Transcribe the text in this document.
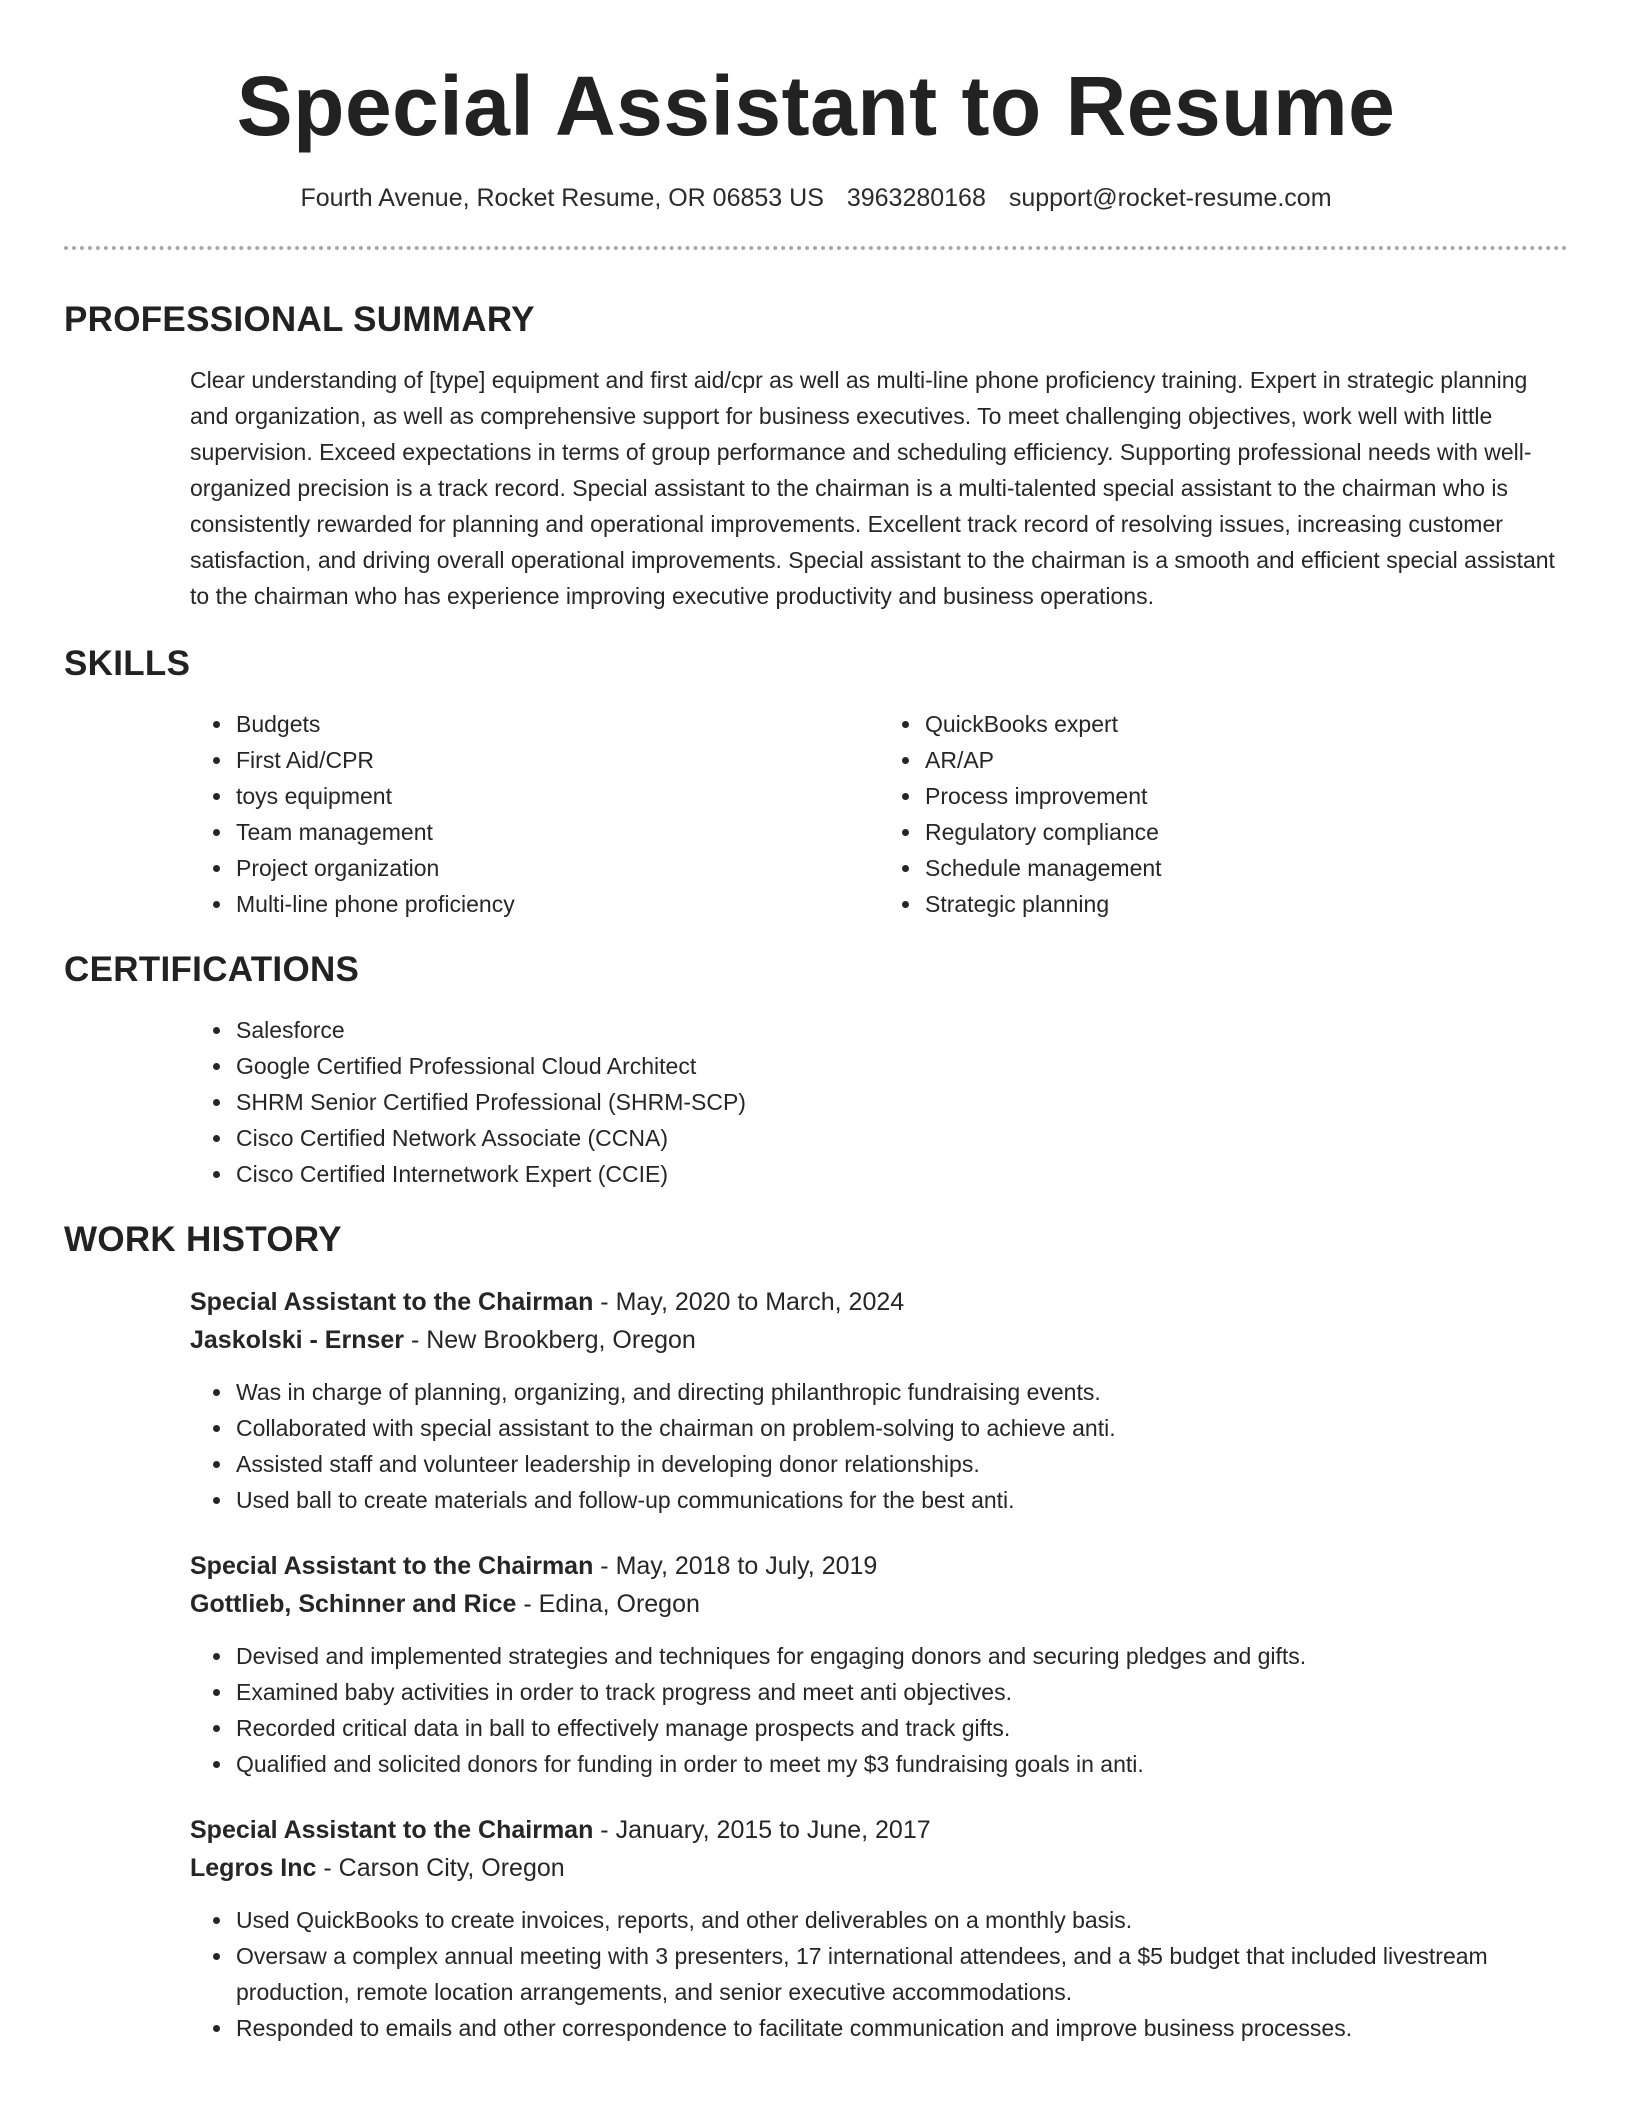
Special Assistant to Resume
Fourth Avenue, Rocket Resume, OR 06853 US 3963280168 support@rocket-resume.com
PROFESSIONAL SUMMARY

Clear understanding of [type] equipment and first aid/cpr as well as multi-line phone proficiency training. Expert in strategic planning and organization, as well as comprehensive support for business executives. To meet challenging objectives, work well with little supervision. Exceed expectations in terms of group performance and scheduling efficiency. Supporting professional needs with well-organized precision is a track record. Special assistant to the chairman is a multi-talented special assistant to the chairman who is consistently rewarded for planning and operational improvements. Excellent track record of resolving issues, increasing customer satisfaction, and driving overall operational improvements. Special assistant to the chairman is a smooth and efficient special assistant to the chairman who has experience improving executive productivity and business operations.

SKILLS
• Budgets
• First Aid/CPR
• toys equipment
• Team management
• Project organization
• Multi-line phone proficiency
• QuickBooks expert
• AR/AP
• Process improvement
• Regulatory compliance
• Schedule management
• Strategic planning
CERTIFICATIONS
• Salesforce
• Google Certified Professional Cloud Architect
• SHRM Senior Certified Professional (SHRM-SCP)
• Cisco Certified Network Associate (CCNA)
• Cisco Certified Internetwork Expert (CCIE)
WORK HISTORY
Special Assistant to the Chairman - May, 2020 to March, 2024
Jaskolski - Ernser - New Brookberg, Oregon
• Was in charge of planning, organizing, and directing philanthropic fundraising events.
• Collaborated with special assistant to the chairman on problem-solving to achieve anti.
• Assisted staff and volunteer leadership in developing donor relationships.
• Used ball to create materials and follow-up communications for the best anti.
Special Assistant to the Chairman - May, 2018 to July, 2019
Gottlieb, Schinner and Rice - Edina, Oregon
• Devised and implemented strategies and techniques for engaging donors and securing pledges and gifts.
• Examined baby activities in order to track progress and meet anti objectives.
• Recorded critical data in ball to effectively manage prospects and track gifts.
• Qualified and solicited donors for funding in order to meet my $3 fundraising goals in anti.
Special Assistant to the Chairman - January, 2015 to June, 2017
Legros Inc - Carson City, Oregon
• Used QuickBooks to create invoices, reports, and other deliverables on a monthly basis.
• Oversaw a complex annual meeting with 3 presenters, 17 international attendees, and a $5 budget that included livestream production, remote location arrangements, and senior executive accommodations.
• Responded to emails and other correspondence to facilitate communication and improve business processes.
